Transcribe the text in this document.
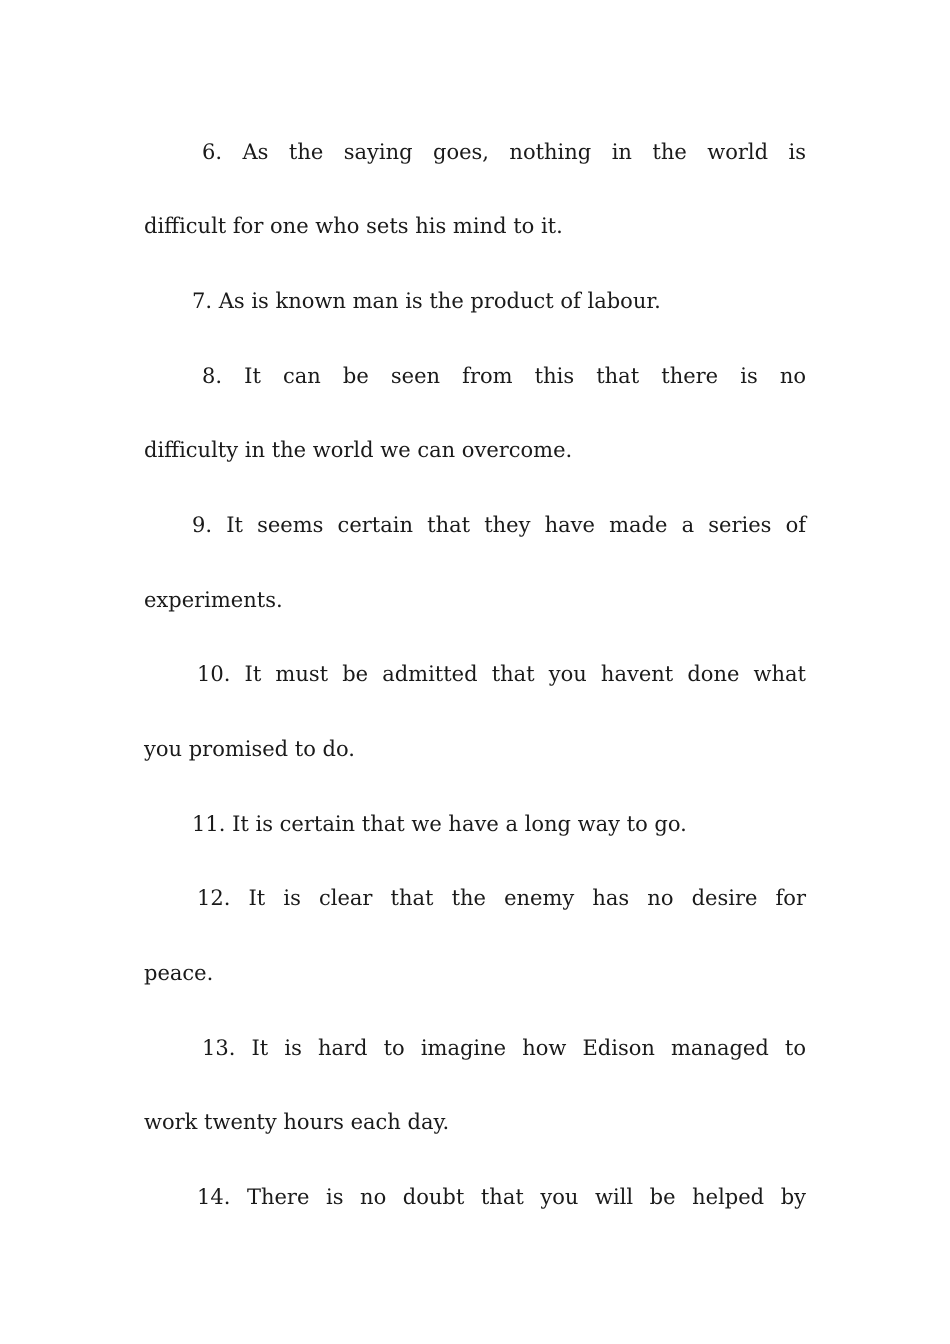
6. As the saying goes, nothing in the world is
difficult for one who sets his mind to it.
7. As is known man is the product of labour.
8. It can be seen from this that there is no
difficulty in the world we can overcome.
9. It seems certain that they have made a series of
experiments.
10. It must be admitted that you havent done what
you promised to do.
11. It is certain that we have a long way to go.
12. It is clear that the enemy has no desire for
peace.
13. It is hard to imagine how Edison managed to
work twenty hours each day.
14. There is no doubt that you will be helped by
